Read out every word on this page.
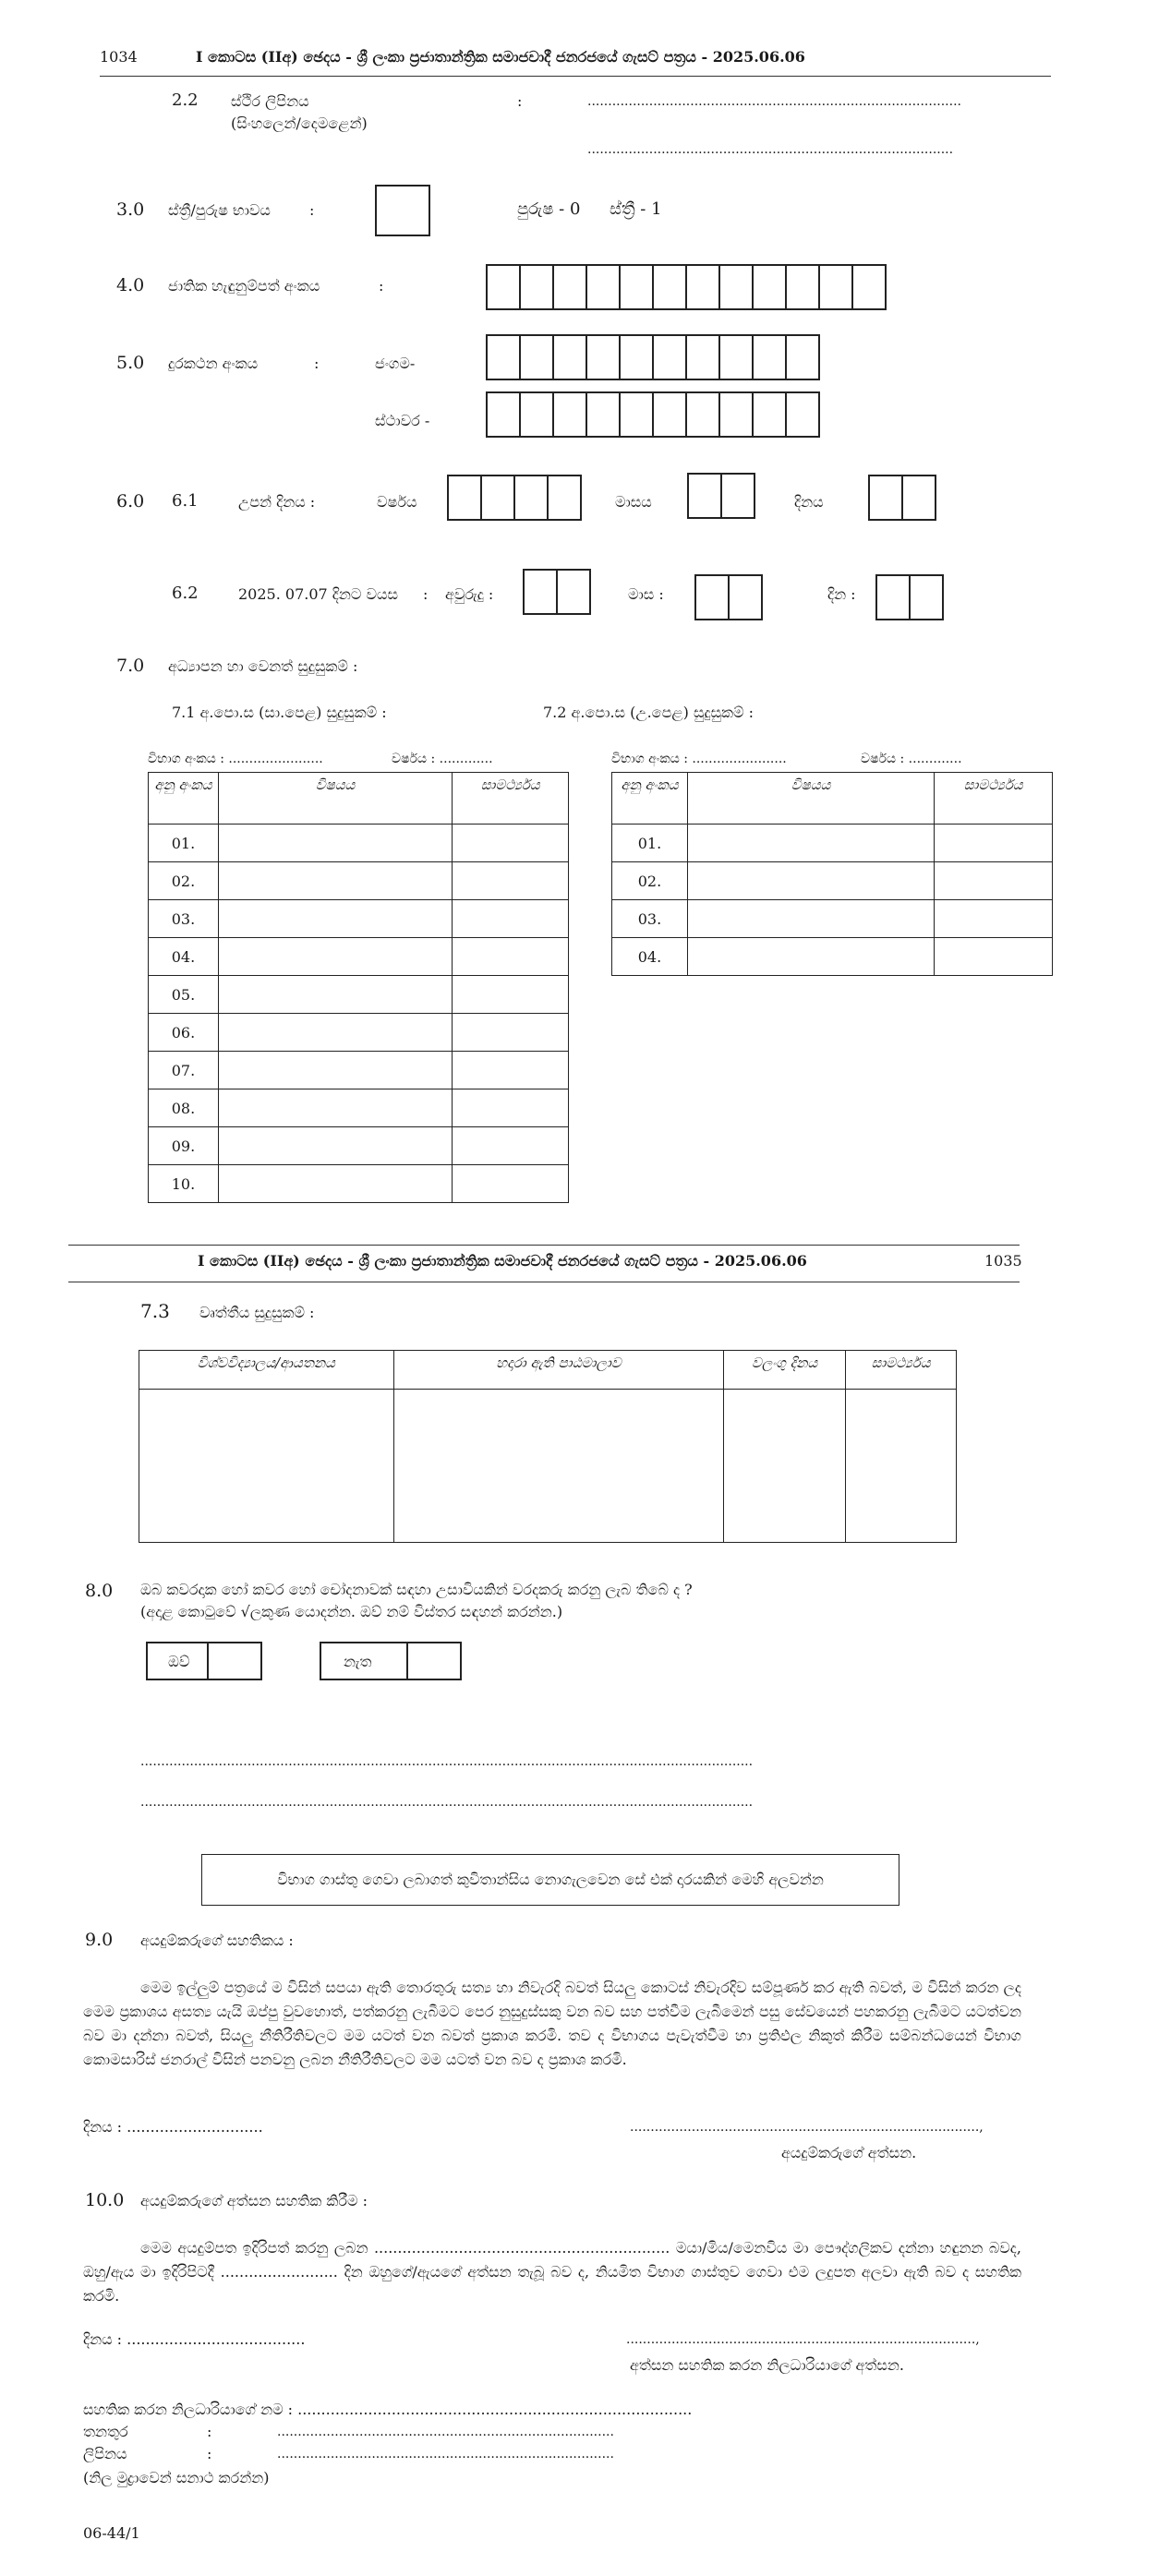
1034	I කොටස (IIඅ) ඡෙදය - ශ්‍රී ලංකා ප්‍රජාතාන්ත්‍රික සමාජවාදී ජනරජයේ ගැසට් පත්‍රය - 2025.06.06
2.2 ස්ථිර ලිපිනය
(සිංහලෙන්/දෙමළෙන්)
:	...........................................................................................
.........................................................................................
3.0 ස්ත්‍රී/පුරුෂ භාවය	:	පුරුෂ - 0 ස්ත්‍රී - 1
4.0 ජාතික හැඳුනුම්පත් අංකය	:
5.0 දුරකථන අංකය	:	ජංගම-
ස්ථාවර -
6.0 6.1	උපන් දිනය :	වර්ෂය	මාසය	දිනය
6.2	2025. 07.07 දිනට වයස : අවුරුදු :	මාස :	දින :
7.0 අධ්‍යාපන හා වෙනත් සුදුසුකම් :
7.1 අ.පො.ස (සා.පෙළ) සුදුසුකම් :	7.2 අ.පො.ස (උ.පෙළ) සුදුසුකම් :
විභාග අංකය : .......................	වර්ෂය : .............	විභාග අංකය : .......................	වර්ෂය : .............
අනු අංකය	විෂයය	සාමර්ථ්‍යය
01.		
02.		
03.		
04.		
05.		
06.		
07.		
08.		
09.		
10.		
අනු අංකය	විෂයය	සාමර්ථ්‍යය
01.		
02.		
03.		
04.		
I කොටස (IIඅ) ඡෙදය - ශ්‍රී ලංකා ප්‍රජාතාන්ත්‍රික සමාජවාදී ජනරජයේ ගැසට් පත්‍රය - 2025.06.06	1035
7.3 වෘත්තීය සුදුසුකම් :
විශ්වවිද්‍යාලය/ආයතනය	හදාරා ඇති පාඨමාලාව	වලංගු දිනය	සාමර්ථ්‍යය

8.0 ඔබ කවරදාක හෝ කවර හෝ චෝදනාවක් සඳහා උසාවියකින් වරදකරු කරනු ලැබ තිබේ ද ?
(අදාළ කොටුවේ √ලකුණ යොදන්න. ඔව් නම් විස්තර සඳහන් කරන්න.)
ඔව්	නැත
.....................................................................................................................................................
.....................................................................................................................................................
විභාග ගාස්තු ගෙවා ලබාගත් කුවිතාන්සිය නොගැලවෙන සේ එක් දාරයකින් මෙහි අලවන්න
9.0 අයදුම්කරුගේ සහතිකය :
මෙම ඉල්ලුම් පත්‍රයේ ම විසින් සපයා ඇති තොරතුරු සත්‍ය හා නිවැරදි බවත් සියලු කොටස් නිවැරදිව සම්පූර්ණ කර ඇති බවත්, ම විසින් කරන ලද මෙම ප්‍රකාශය අසත්‍ය යැයි ඔප්පු වුවහොත්, පත්කරනු ලැබීමට පෙර නුසුදුස්සකු වන බව සහ පත්වීම ලැබීමෙන් පසු සේවයෙන් පහකරනු ලැබීමට යටත්වන බව මා දන්නා බවත්, සියලු නීතිරීතිවලට මම යටත් වන බවත් ප්‍රකාශ කරමි. තව ද විභාගය පැවැත්වීම හා ප්‍රතිඵල නිකුත් කිරීම සම්බන්ධයෙන් විභාග කොමසාරිස් ජනරාල් විසින් පනවනු ලබන නීතිරීතිවලට මම යටත් වන බව ද ප්‍රකාශ කරමි.
දිනය : .............................	.....................................................................................,
අයදුම්කරුගේ අත්සන.
10.0 අයදුම්කරුගේ අත්සන සහතික කිරීම :
මෙම අයදුම්පත ඉදිරිපත් කරනු ලබන ............................................................... මයා/මිය/මෙනවිය මා පෞද්ගලිකව දන්නා හඳුනන බවද, ඔහු/ඇය මා ඉදිරිපිටදී ......................... දින ඔහුගේ/ඇයගේ අත්සන තැබූ බව ද, නියමිත විභාග ගාස්තුව ගෙවා එම ලදුපත අලවා ඇති බව ද සහතික කරමි.
දිනය : ......................................	.....................................................................................,
අත්සන සහතික කරන නිලධාරියාගේ අත්සන.
සහතික කරන නිලධාරියාගේ නම : ....................................................................................
තනතුර	:	..................................................................................
ලිපිනය	:	..................................................................................
(නිල මුද්‍රාවෙන් සනාථ කරන්න)
06-44/1
